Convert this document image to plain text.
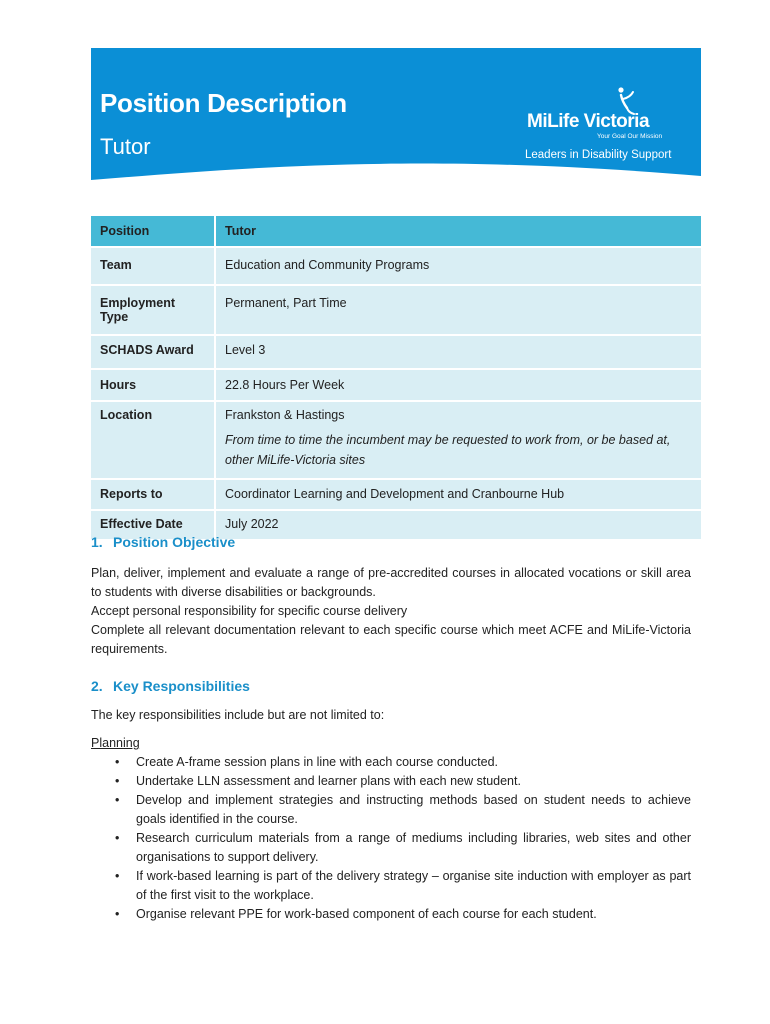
Position Description
Tutor
MiLife Victoria
Your Goal Our Mission
Leaders in Disability Support
Position	Tutor
Team	Education and Community Programs
Employment Type	Permanent, Part Time
SCHADS Award	Level 3
Hours	22.8 Hours Per Week
Location	Frankston & Hastings
From time to time the incumbent may be requested to work from, or be based at, other MiLife-Victoria sites

Reports to	Coordinator Learning and Development and Cranbourne Hub
Effective Date	July 2022
1. Position Objective
Plan, deliver, implement and evaluate a range of pre-accredited courses in allocated vocations or skill area to students with diverse disabilities or backgrounds.
Accept personal responsibility for specific course delivery
Complete all relevant documentation relevant to each specific course which meet ACFE and MiLife-Victoria requirements.
2. Key Responsibilities
The key responsibilities include but are not limited to:
Planning
• Create A-frame session plans in line with each course conducted.
• Undertake LLN assessment and learner plans with each new student.
• Develop and implement strategies and instructing methods based on student needs to achieve goals identified in the course.
• Research curriculum materials from a range of mediums including libraries, web sites and other organisations to support delivery.
• If work-based learning is part of the delivery strategy – organise site induction with employer as part of the first visit to the workplace.
• Organise relevant PPE for work-based component of each course for each student.
